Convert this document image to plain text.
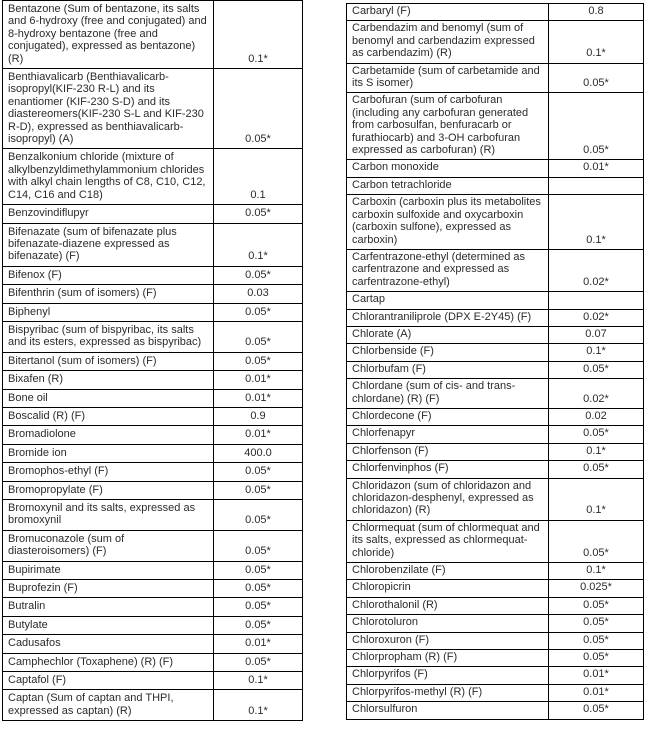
Bentazone (Sum of bentazone, its salts and 6-hydroxy (free and conjugated) and 8-hydroxy bentazone (free and conjugated), expressed as bentazone) (R)	0.1*
Benthiavalicarb (Benthiavalicarb-isopropyl(KIF-230 R-L) and its enantiomer (KIF-230 S-D) and its diastereomers(KIF-230 S-L and KIF-230 R-D), expressed as benthiavalicarb-isopropyl) (A)	0.05*
Benzalkonium chloride (mixture of alkylbenzyldimethylammonium chlorides with alkyl chain lengths of C8, C10, C12, C14, C16 and C18)	0.1
Benzovindiflupyr	0.05*
Bifenazate (sum of bifenazate plus bifenazate-diazene expressed as bifenazate) (F)	0.1*
Bifenox (F)	0.05*
Bifenthrin (sum of isomers) (F)	0.03
Biphenyl	0.05*
Bispyribac (sum of bispyribac, its salts and its esters, expressed as bispyribac)	0.05*
Bitertanol (sum of isomers) (F)	0.05*
Bixafen (R)	0.01*
Bone oil	0.01*
Boscalid (R) (F)	0.9
Bromadiolone	0.01*
Bromide ion	400.0
Bromophos-ethyl (F)	0.05*
Bromopropylate (F)	0.05*
Bromoxynil and its salts, expressed as bromoxynil	0.05*
Bromuconazole (sum of diasteroisomers) (F)	0.05*
Bupirimate	0.05*
Buprofezin (F)	0.05*
Butralin	0.05*
Butylate	0.05*
Cadusafos	0.01*
Camphechlor (Toxaphene) (R) (F)	0.05*
Captafol (F)	0.1*
Captan (Sum of captan and THPI, expressed as captan) (R)	0.1*
Carbaryl (F)	0.8
Carbendazim and benomyl (sum of benomyl and carbendazim expressed as carbendazim) (R)	0.1*
Carbetamide (sum of carbetamide and its S isomer)	0.05*
Carbofuran (sum of carbofuran (including any carbofuran generated from carbosulfan, benfuracarb or furathiocarb) and 3-OH carbofuran expressed as carbofuran) (R)	0.05*
Carbon monoxide	0.01*
Carbon tetrachloride	
Carboxin (carboxin plus its metabolites carboxin sulfoxide and oxycarboxin (carboxin sulfone), expressed as carboxin)	0.1*
Carfentrazone-ethyl (determined as carfentrazone and expressed as carfentrazone-ethyl)	0.02*
Cartap	
Chlorantraniliprole (DPX E-2Y45) (F)	0.02*
Chlorate (A)	0.07
Chlorbenside (F)	0.1*
Chlorbufam (F)	0.05*
Chlordane (sum of cis- and trans-chlordane) (R) (F)	0.02*
Chlordecone (F)	0.02
Chlorfenapyr	0.05*
Chlorfenson (F)	0.1*
Chlorfenvinphos (F)	0.05*
Chloridazon (sum of chloridazon and chloridazon-desphenyl, expressed as chloridazon) (R)	0.1*
Chlormequat (sum of chlormequat and its salts, expressed as chlormequat-chloride)	0.05*
Chlorobenzilate (F)	0.1*
Chloropicrin	0.025*
Chlorothalonil (R)	0.05*
Chlorotoluron	0.05*
Chloroxuron (F)	0.05*
Chlorpropham (R) (F)	0.05*
Chlorpyrifos (F)	0.01*
Chlorpyrifos-methyl (R) (F)	0.01*
Chlorsulfuron	0.05*
